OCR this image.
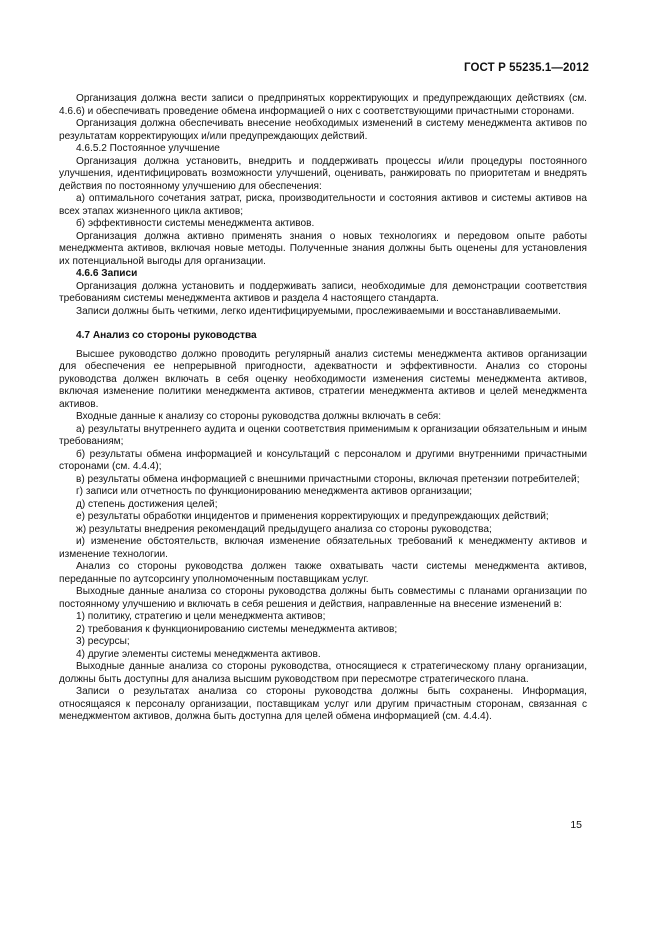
ГОСТ Р 55235.1—2012

Организация должна вести записи о предпринятых корректирующих и предупреждающих действиях (см. 4.6.6) и обеспечивать проведение обмена информацией о них с соответствующими причастными сторонами.

Организация должна обеспечивать внесение необходимых изменений в систему менеджмента активов по результатам корректирующих и/или предупреждающих действий.

4.6.5.2 Постоянное улучшение

Организация должна установить, внедрить и поддерживать процессы и/или процедуры постоянного улучшения, идентифицировать возможности улучшений, оценивать, ранжировать по приоритетам и внедрять действия по постоянному улучшению для обеспечения:

а) оптимального сочетания затрат, риска, производительности и состояния активов и системы активов на всех этапах жизненного цикла активов;

б) эффективности системы менеджмента активов.

Организация должна активно применять знания о новых технологиях и передовом опыте работы менеджмента активов, включая новые методы. Полученные знания должны быть оценены для установления их потенциальной выгоды для организации.

4.6.6 Записи

Организация должна установить и поддерживать записи, необходимые для демонстрации соответствия требованиям системы менеджмента активов и раздела 4 настоящего стандарта.

Записи должны быть четкими, легко идентифицируемыми, прослеживаемыми и восстанавливаемыми.

4.7 Анализ со стороны руководства

Высшее руководство должно проводить регулярный анализ системы менеджмента активов организации для обеспечения ее непрерывной пригодности, адекватности и эффективности. Анализ со стороны руководства должен включать в себя оценку необходимости изменения системы менеджмента активов, включая изменение политики менеджмента активов, стратегии менеджмента активов и целей менеджмента активов.

Входные данные к анализу со стороны руководства должны включать в себя:

а) результаты внутреннего аудита и оценки соответствия применимым к организации обязательным и иным требованиям;

б) результаты обмена информацией и консультаций с персоналом и другими внутренними причастными сторонами (см. 4.4.4);

в) результаты обмена информацией с внешними причастными стороны, включая претензии потребителей;

г) записи или отчетность по функционированию менеджмента активов организации;

д) степень достижения целей;

е) результаты обработки инцидентов и применения корректирующих и предупреждающих действий;

ж) результаты внедрения рекомендаций предыдущего анализа со стороны руководства;

и) изменение обстоятельств, включая изменение обязательных требований к менеджменту активов и изменение технологии.

Анализ со стороны руководства должен также охватывать части системы менеджмента активов, переданные по аутсорсингу уполномоченным поставщикам услуг.

Выходные данные анализа со стороны руководства должны быть совместимы с планами организации по постоянному улучшению и включать в себя решения и действия, направленные на внесение изменений в:

1) политику, стратегию и цели менеджмента активов;

2) требования к функционированию системы менеджмента активов;

3) ресурсы;

4) другие элементы системы менеджмента активов.

Выходные данные анализа со стороны руководства, относящиеся к стратегическому плану организации, должны быть доступны для анализа высшим руководством при пересмотре стратегического плана.

Записи о результатах анализа со стороны руководства должны быть сохранены. Информация, относящаяся к персоналу организации, поставщикам услуг или другим причастным сторонам, связанная с менеджментом активов, должна быть доступна для целей обмена информацией (см. 4.4.4).

15
